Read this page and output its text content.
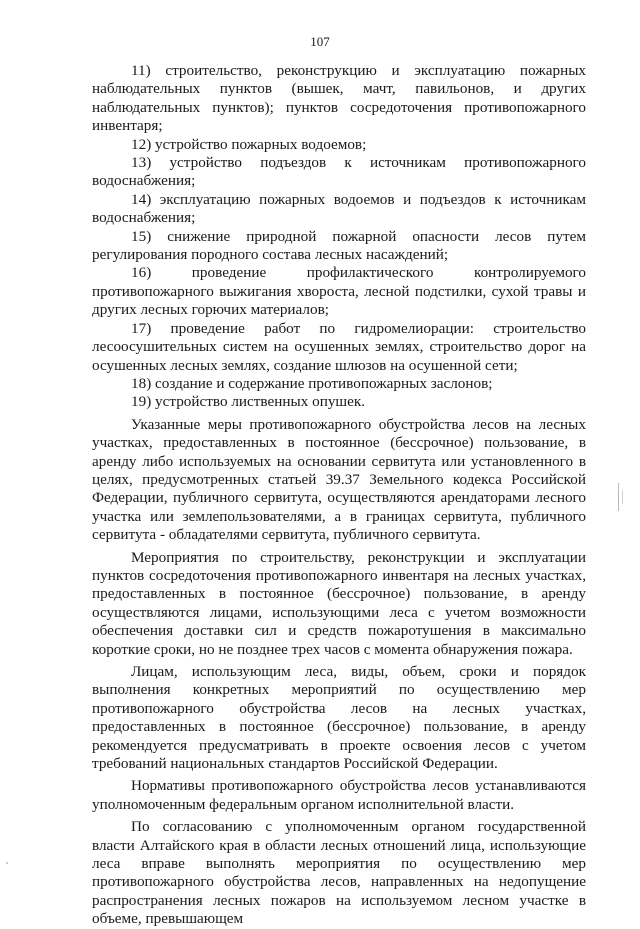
107

11) строительство, реконструкцию и эксплуатацию пожарных наблюдательных пунктов (вышек, мачт, павильонов, и других наблюдательных пунктов); пунктов сосредоточения противопожарного инвентаря;

12) устройство пожарных водоемов;

13) устройство подъездов к источникам противопожарного водоснабжения;

14) эксплуатацию пожарных водоемов и подъездов к источникам водоснабжения;

15) снижение природной пожарной опасности лесов путем регулирования породного состава лесных насаждений;

16) проведение профилактического контролируемого противопожарного выжигания хвороста, лесной подстилки, сухой травы и других лесных горючих материалов;

17) проведение работ по гидромелиорации: строительство лесоосушительных систем на осушенных землях, строительство дорог на осушенных лесных землях, создание шлюзов на осушенной сети;

18) создание и содержание противопожарных заслонов;

19) устройство лиственных опушек.

Указанные меры противопожарного обустройства лесов на лесных участках, предоставленных в постоянное (бессрочное) пользование, в аренду либо используемых на основании сервитута или установленного в целях, предусмотренных статьей 39.37 Земельного кодекса Российской Федерации, публичного сервитута, осуществляются арендаторами лесного участка или землепользователями, а в границах сервитута, публичного сервитута - обладателями сервитута, публичного сервитута.

Мероприятия по строительству, реконструкции и эксплуатации пунктов сосредоточения противопожарного инвентаря на лесных участках, предоставленных в постоянное (бессрочное) пользование, в аренду осуществляются лицами, использующими леса с учетом возможности обеспечения доставки сил и средств пожаротушения в максимально короткие сроки, но не позднее трех часов с момента обнаружения пожара.

Лицам, использующим леса, виды, объем, сроки и порядок выполнения конкретных мероприятий по осуществлению мер противопожарного обустройства лесов на лесных участках, предоставленных в постоянное (бессрочное) пользование, в аренду рекомендуется предусматривать в проекте освоения лесов с учетом требований национальных стандартов Российской Федерации.

Нормативы противопожарного обустройства лесов устанавливаются уполномоченным федеральным органом исполнительной власти.

По согласованию с уполномоченным органом государственной власти Алтайского края в области лесных отношений лица, использующие леса вправе выполнять мероприятия по осуществлению мер противопожарного обустройства лесов, направленных на недопущение распространения лесных пожаров на используемом лесном участке в объеме, превышающем
